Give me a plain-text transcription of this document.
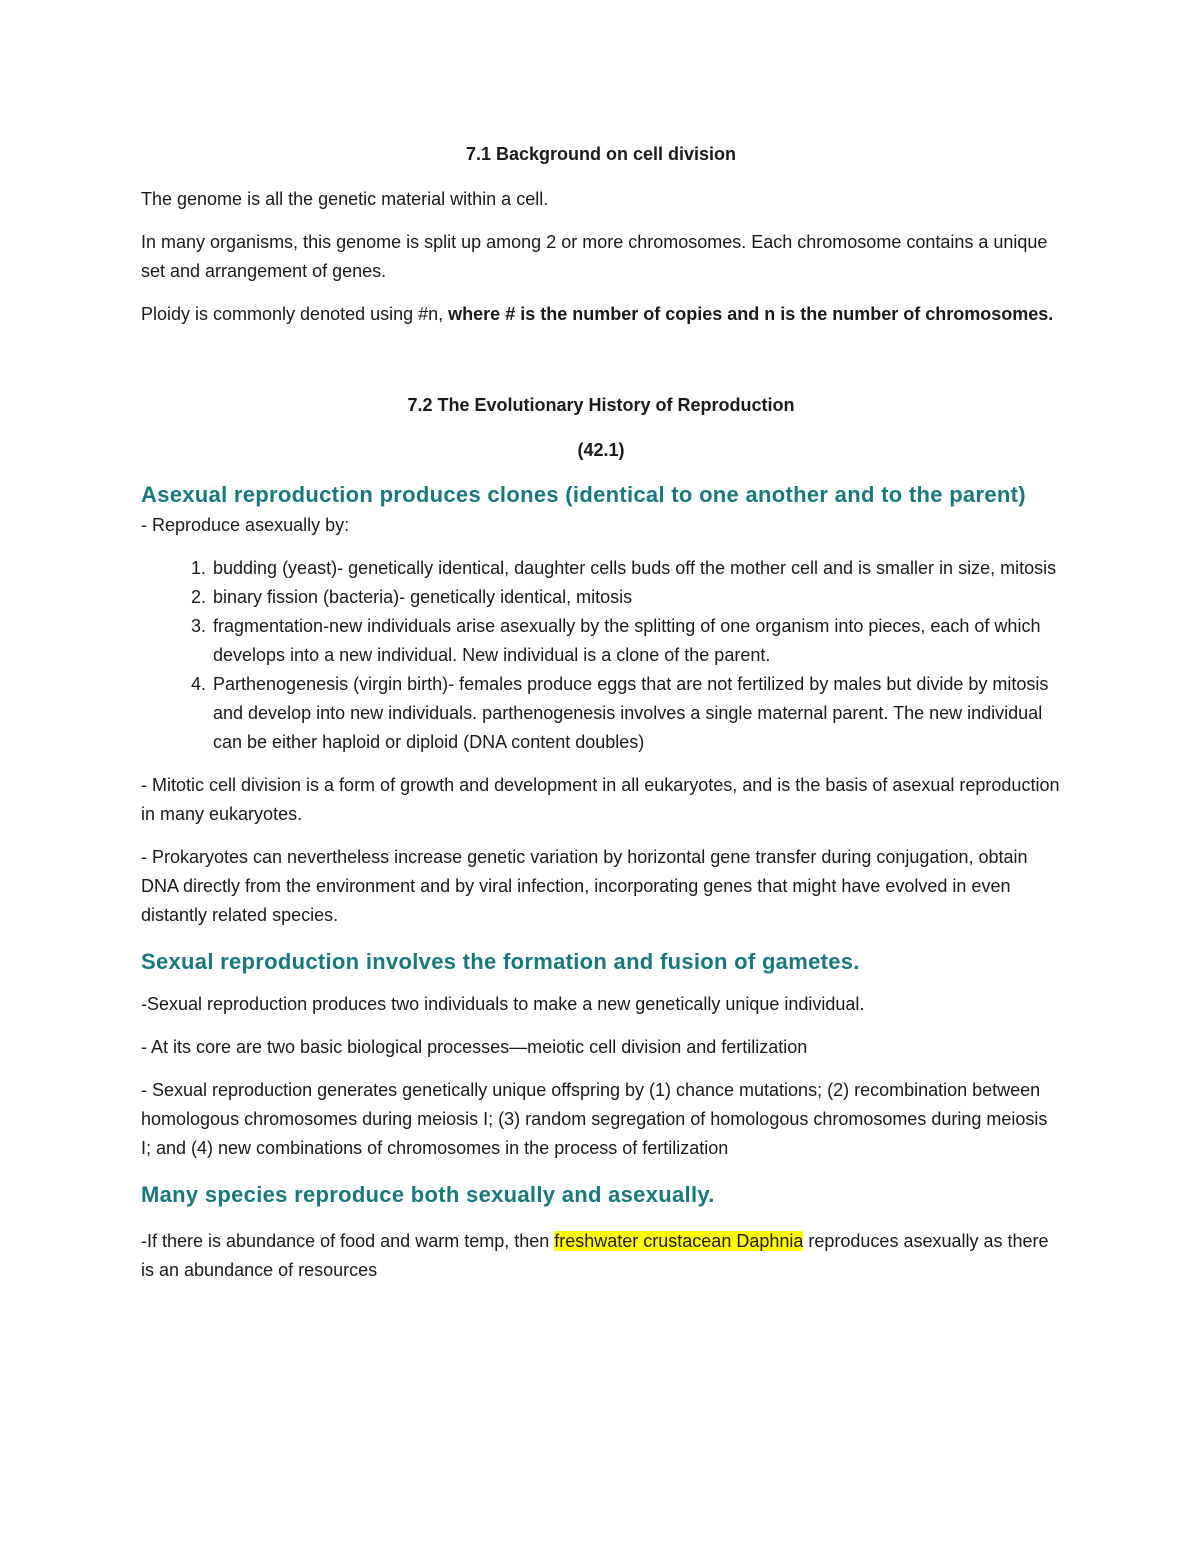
7.1 Background on cell division

The genome is all the genetic material within a cell.

In many organisms, this genome is split up among 2 or more chromosomes. Each chromosome contains a unique set and arrangement of genes.

Ploidy is commonly denoted using #n, where # is the number of copies and n is the number of chromosomes.

7.2 The Evolutionary History of Reproduction

(42.1)

Asexual reproduction produces clones (identical to one another and to the parent)

- Reproduce asexually by:

1. budding (yeast)- genetically identical, daughter cells buds off the mother cell and is smaller in size, mitosis
2. binary fission (bacteria)- genetically identical, mitosis
3. fragmentation-new individuals arise asexually by the splitting of one organism into pieces, each of which develops into a new individual. New individual is a clone of the parent.
4. Parthenogenesis (virgin birth)- females produce eggs that are not fertilized by males but divide by mitosis and develop into new individuals. parthenogenesis involves a single maternal parent. The new individual can be either haploid or diploid (DNA content doubles)

- Mitotic cell division is a form of growth and development in all eukaryotes, and is the basis of asexual reproduction in many eukaryotes.

- Prokaryotes can nevertheless increase genetic variation by horizontal gene transfer during conjugation, obtain DNA directly from the environment and by viral infection, incorporating genes that might have evolved in even distantly related species.

Sexual reproduction involves the formation and fusion of gametes.

-Sexual reproduction produces two individuals to make a new genetically unique individual.

- At its core are two basic biological processes—meiotic cell division and fertilization

- Sexual reproduction generates genetically unique offspring by (1) chance mutations; (2) recombination between homologous chromosomes during meiosis I; (3) random segregation of homologous chromosomes during meiosis I; and (4) new combinations of chromosomes in the process of fertilization

Many species reproduce both sexually and asexually.

-If there is abundance of food and warm temp, then freshwater crustacean Daphnia reproduces asexually as there is an abundance of resources
